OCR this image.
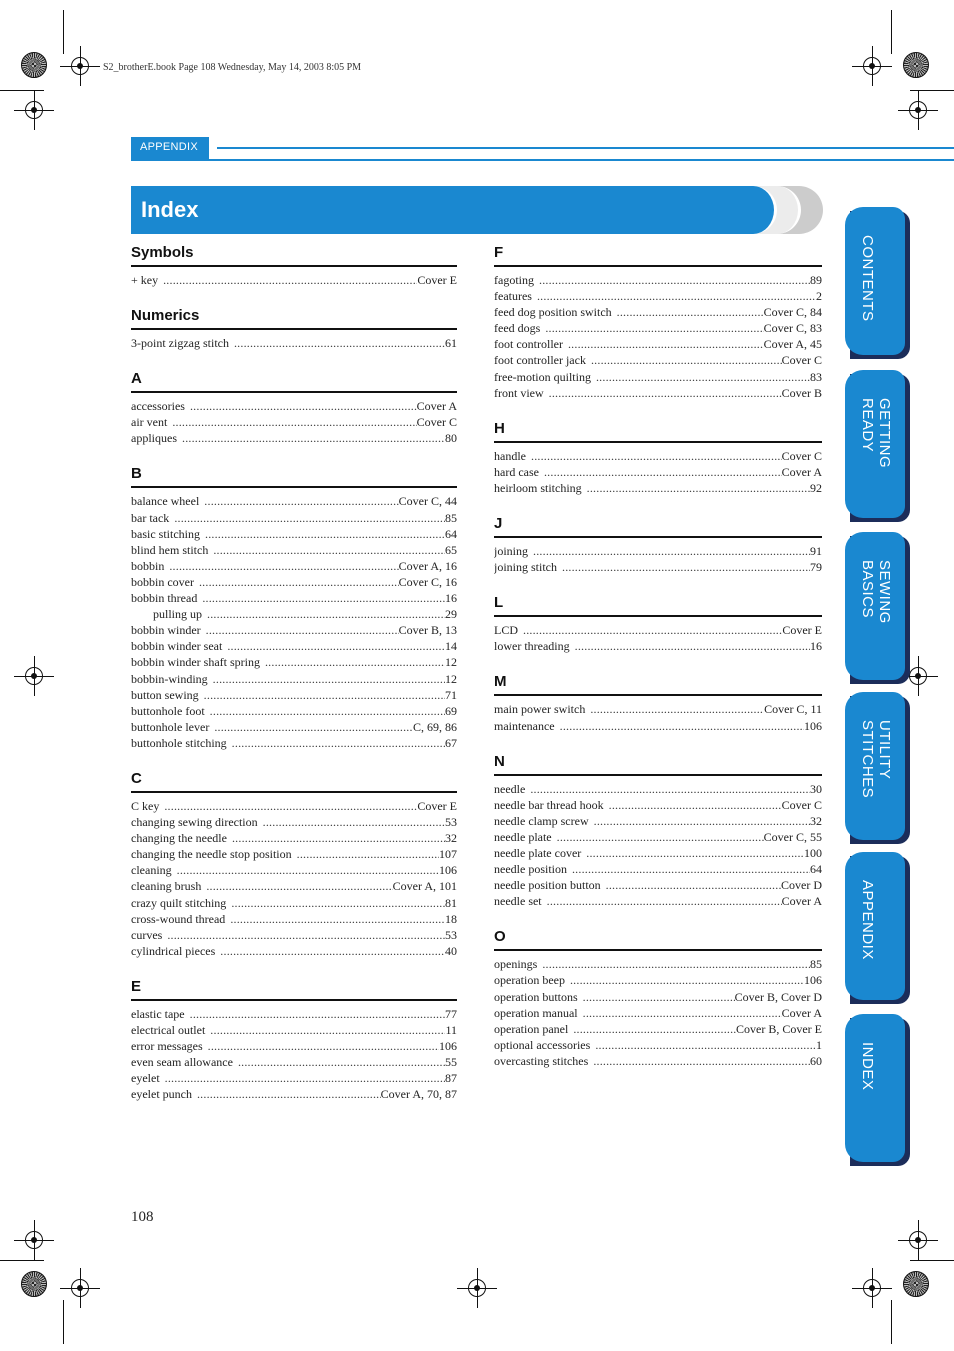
S2_brotherE.book Page 108 Wednesday, May 14, 2003 8:05 PM
APPENDIX
Index
Symbols
+ key .....	Cover E
Numerics
3-point zigzag stitch .....	61
A
accessories .....	Cover A
air vent .....	Cover C
appliques .....	80
B
balance wheel .....	Cover C, 44
bar tack .....	85
basic stitching .....	64
blind hem stitch .....	65
bobbin .....	Cover A, 16
bobbin cover .....	Cover C, 16
bobbin thread .....	16
pulling up .....	29
bobbin winder .....	Cover B, 13
bobbin winder seat .....	14
bobbin winder shaft spring .....	12
bobbin-winding .....	12
button sewing .....	71
buttonhole foot .....	69
buttonhole lever .....	C, 69, 86
buttonhole stitching .....	67
C
C key .....	Cover E
changing sewing direction .....	53
changing the needle .....	32
changing the needle stop position .....	107
cleaning .....	106
cleaning brush .....	Cover A, 101
crazy quilt stitching .....	81
cross-wound thread .....	18
curves .....	53
cylindrical pieces .....	40
E
elastic tape .....	77
electrical outlet .....	11
error messages .....	106
even seam allowance .....	55
eyelet .....	87
eyelet punch .....	Cover A, 70, 87
F
fagoting .....	89
features .....	2
feed dog position switch .....	Cover C, 84
feed dogs .....	Cover C, 83
foot controller .....	Cover A, 45
foot controller jack .....	Cover C
free-motion quilting .....	83
front view .....	Cover B
H
handle .....	Cover C
hard case .....	Cover A
heirloom stitching .....	92
J
joining .....	91
joining stitch .....	79
L
LCD .....	Cover E
lower threading .....	16
M
main power switch .....	Cover C, 11
maintenance .....	106
N
needle .....	30
needle bar thread hook .....	Cover C
needle clamp screw .....	32
needle plate .....	Cover C, 55
needle plate cover .....	100
needle position .....	64
needle position button .....	Cover D
needle set .....	Cover A
O
openings .....	85
operation beep .....	106
operation buttons .....	Cover B, Cover D
operation manual .....	Cover A
operation panel .....	Cover B, Cover E
optional accessories .....	1
overcasting stitches .....	60
CONTENTS
GETTING READY
SEWING BASICS
UTILITY STITCHES
APPENDIX
INDEX
108
